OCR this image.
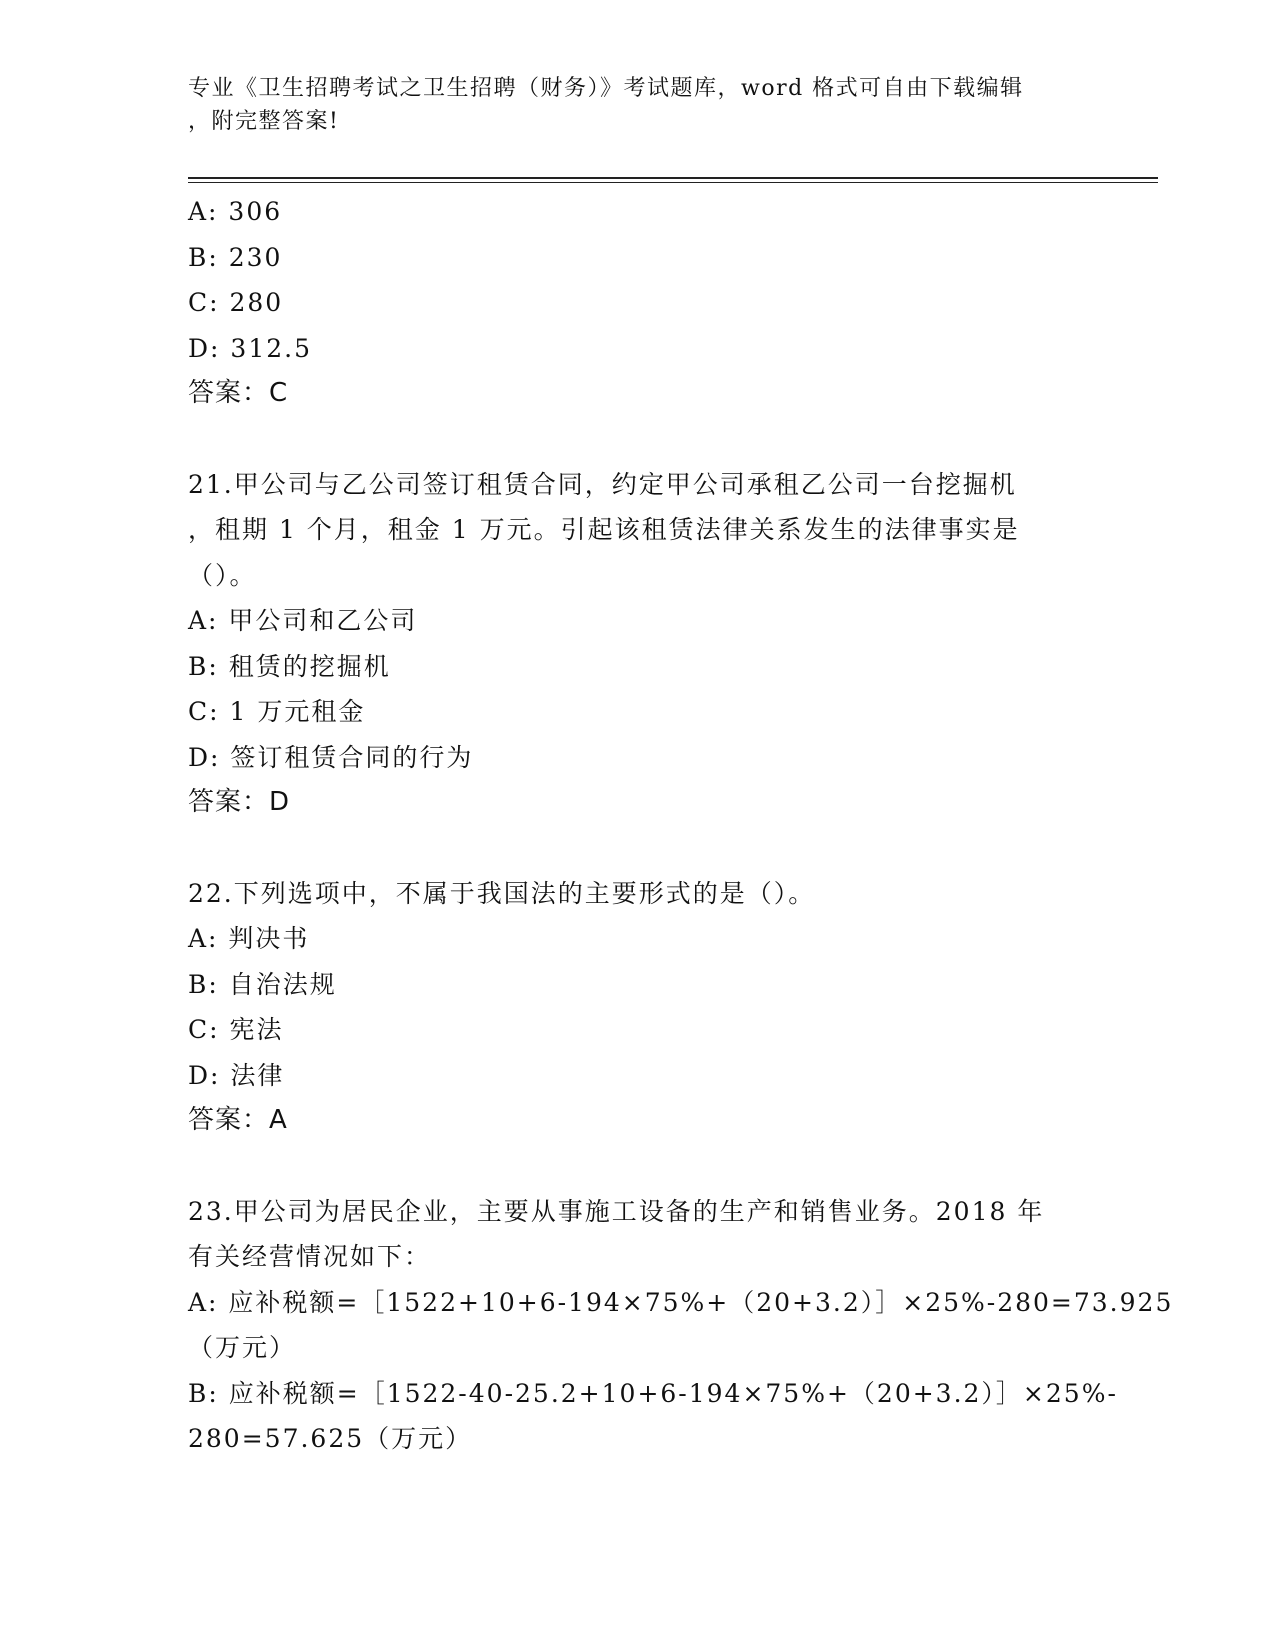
专业《卫生招聘考试之卫生招聘（财务）》考试题库，word 格式可自由下载编辑
，附完整答案!
A: 306
B: 230
C: 280
D: 312.5
答案：C
21.甲公司与乙公司签订租赁合同，约定甲公司承租乙公司一台挖掘机
，租期 1 个月，租金 1 万元。引起该租赁法律关系发生的法律事实是
（）。
A: 甲公司和乙公司
B: 租赁的挖掘机
C: 1 万元租金
D: 签订租赁合同的行为
答案：D
22.下列选项中，不属于我国法的主要形式的是（）。
A: 判决书
B: 自治法规
C: 宪法
D: 法律
答案：A
23.甲公司为居民企业，主要从事施工设备的生产和销售业务。2018 年
有关经营情况如下：
A: 应补税额=［1522+10+6-194×75%+（20+3.2）］×25%-280=73.925
（万元）
B: 应补税额=［1522-40-25.2+10+6-194×75%+（20+3.2）］×25%-
280=57.625（万元）
